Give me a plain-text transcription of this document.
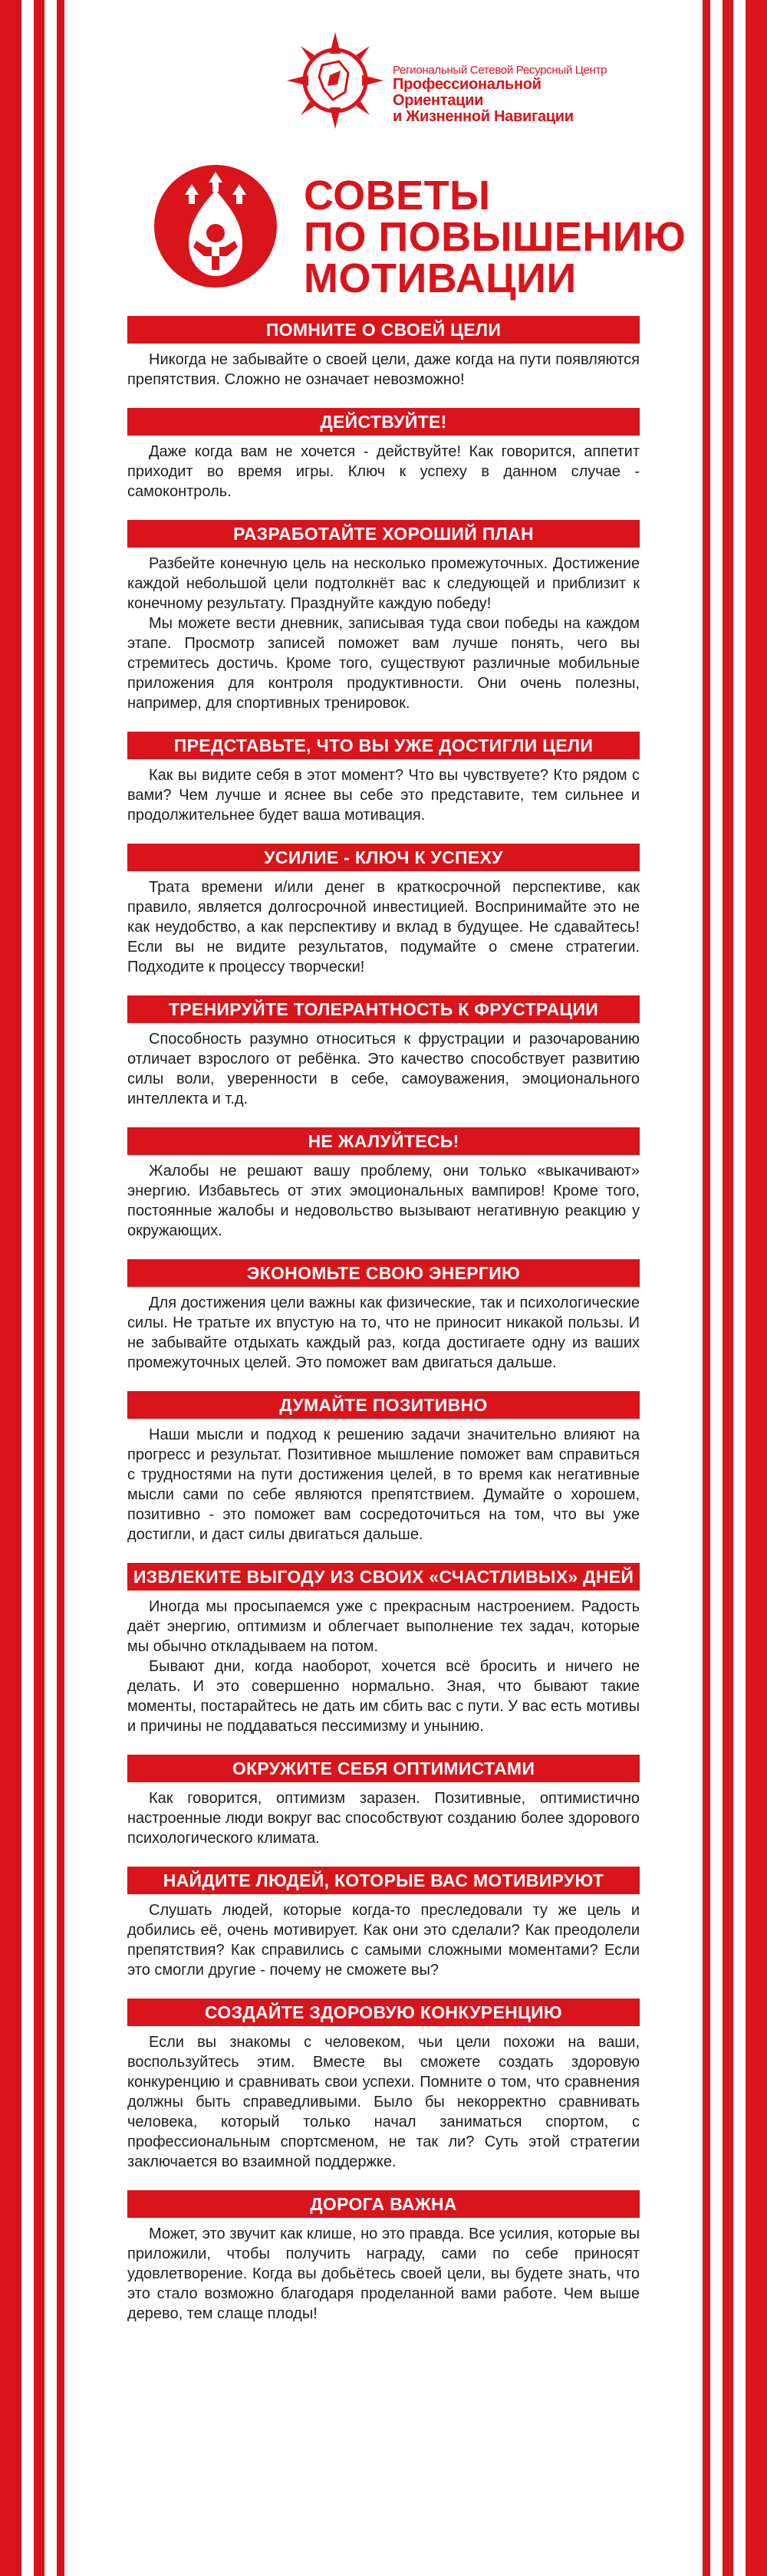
Региональный Сетевой Ресурсный Центр
Профессиональной Ориентации
и Жизненной Навигации
СОВЕТЫ
ПО ПОВЫШЕНИЮ
МОТИВАЦИИ
ПОМНИТЕ О СВОЕЙ ЦЕЛИ

Никогда не забывайте о своей цели, даже когда на пути появляются препятствия. Сложно не означает невозможно!

ДЕЙСТВУЙТЕ!

Даже когда вам не хочется - действуйте! Как говорится, аппетит приходит во время игры. Ключ к успеху в данном случае - самоконтроль.

РАЗРАБОТАЙТЕ ХОРОШИЙ ПЛАН

Разбейте конечную цель на несколько промежуточных. Достижение каждой небольшой цели подтолкнёт вас к следующей и приблизит к конечному результату. Празднуйте каждую победу!

Мы можете вести дневник, записывая туда свои победы на каждом этапе. Просмотр записей поможет вам лучше понять, чего вы стремитесь достичь. Кроме того, существуют различные мобильные приложения для контроля продуктивности. Они очень полезны, например, для спортивных тренировок.

ПРЕДСТАВЬТЕ, ЧТО ВЫ УЖЕ ДОСТИГЛИ ЦЕЛИ

Как вы видите себя в этот момент? Что вы чувствуете? Кто рядом с вами? Чем лучше и яснее вы себе это представите, тем сильнее и продолжительнее будет ваша мотивация.

УСИЛИЕ - КЛЮЧ К УСПЕХУ

Трата времени и/или денег в краткосрочной перспективе, как правило, является долгосрочной инвестицией. Воспринимайте это не как неудобство, а как перспективу и вклад в будущее. Не сдавайтесь! Если вы не видите результатов, подумайте о смене стратегии. Подходите к процессу творчески!

ТРЕНИРУЙТЕ ТОЛЕРАНТНОСТЬ К ФРУСТРАЦИИ

Способность разумно относиться к фрустрации и разочарованию отличает взрослого от ребёнка. Это качество способствует развитию силы воли, уверенности в себе, самоуважения, эмоционального интеллекта и т.д.

НЕ ЖАЛУЙТЕСЬ!

Жалобы не решают вашу проблему, они только «выкачивают» энергию. Избавьтесь от этих эмоциональных вампиров! Кроме того, постоянные жалобы и недовольство вызывают негативную реакцию у окружающих.

ЭКОНОМЬТЕ СВОЮ ЭНЕРГИЮ

Для достижения цели важны как физические, так и психологические силы. Не тратьте их впустую на то, что не приносит никакой пользы. И не забывайте отдыхать каждый раз, когда достигаете одну из ваших промежуточных целей. Это поможет вам двигаться дальше.

ДУМАЙТЕ ПОЗИТИВНО

Наши мысли и подход к решению задачи значительно влияют на прогресс и результат. Позитивное мышление поможет вам справиться с трудностями на пути достижения целей, в то время как негативные мысли сами по себе являются препятствием. Думайте о хорошем, позитивно - это поможет вам сосредоточиться на том, что вы уже достигли, и даст силы двигаться дальше.

ИЗВЛЕКИТЕ ВЫГОДУ ИЗ СВОИХ «СЧАСТЛИВЫХ» ДНЕЙ

Иногда мы просыпаемся уже с прекрасным настроением. Радость даёт энергию, оптимизм и облегчает выполнение тех задач, которые мы обычно откладываем на потом.

Бывают дни, когда наоборот, хочется всё бросить и ничего не делать. И это совершенно нормально. Зная, что бывают такие моменты, постарайтесь не дать им сбить вас с пути. У вас есть мотивы и причины не поддаваться пессимизму и унынию.

ОКРУЖИТЕ СЕБЯ ОПТИМИСТАМИ

Как говорится, оптимизм заразен. Позитивные, оптимистично настроенные люди вокруг вас способствуют созданию более здорового психологического климата.

НАЙДИТЕ ЛЮДЕЙ, КОТОРЫЕ ВАС МОТИВИРУЮТ

Слушать людей, которые когда-то преследовали ту же цель и добились её, очень мотивирует. Как они это сделали? Как преодолели препятствия? Как справились с самыми сложными моментами? Если это смогли другие - почему не сможете вы?

СОЗДАЙТЕ ЗДОРОВУЮ КОНКУРЕНЦИЮ

Если вы знакомы с человеком, чьи цели похожи на ваши, воспользуйтесь этим. Вместе вы сможете создать здоровую конкуренцию и сравнивать свои успехи. Помните о том, что сравнения должны быть справедливыми. Было бы некорректно сравнивать человека, который только начал заниматься спортом, с профессиональным спортсменом, не так ли? Суть этой стратегии заключается во взаимной поддержке.

ДОРОГА ВАЖНА

Может, это звучит как клише, но это правда. Все усилия, которые вы приложили, чтобы получить награду, сами по себе приносят удовлетворение. Когда вы добьётесь своей цели, вы будете знать, что это стало возможно благодаря проделанной вами работе. Чем выше дерево, тем слаще плоды!
